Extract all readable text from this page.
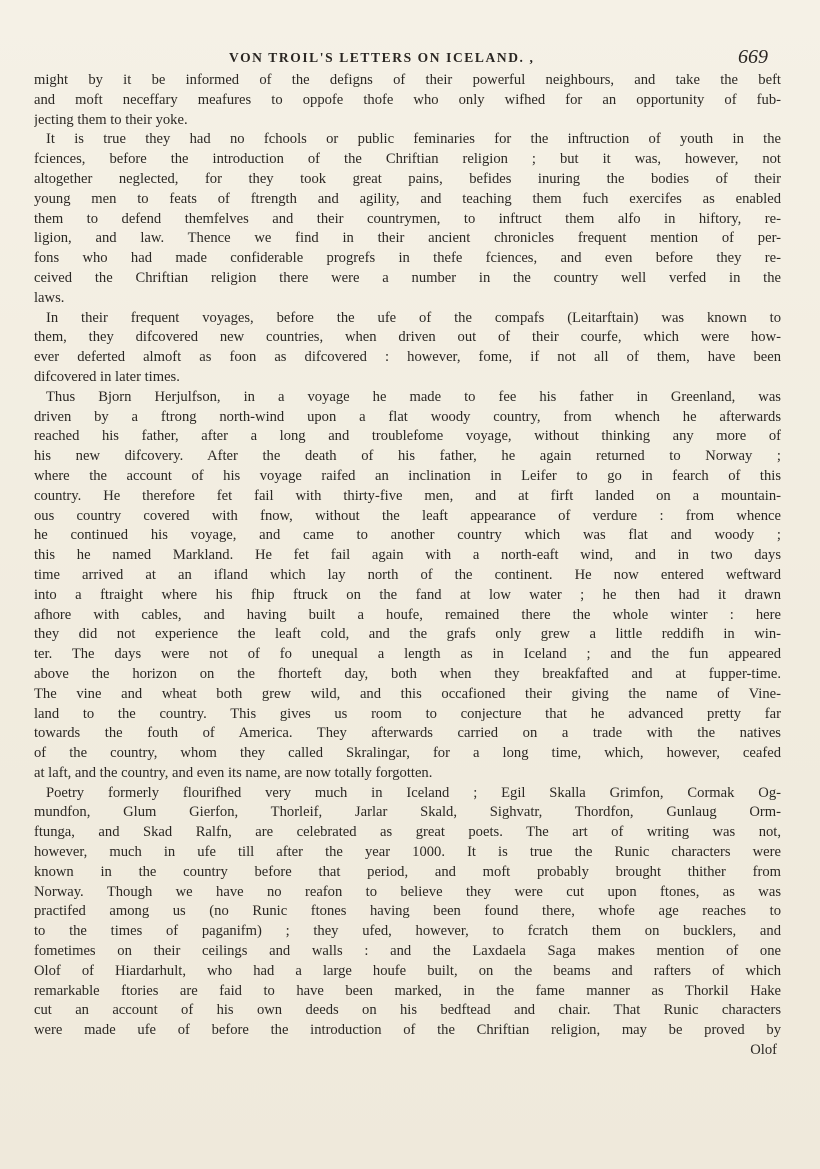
VON TROIL'S LETTERS ON ICELAND. ,	669
might by it be informed of the defigns of their powerful neighbours, and take the beft
and moft neceffary meafures to oppofe thofe who only wifhed for an opportunity of fub-
jecting them to their yoke.
It is true they had no fchools or public feminaries for the inftruction of youth in the
fciences, before the introduction of the Chriftian religion ; but it was, however, not
altogether neglected, for they took great pains, befides inuring the bodies of their
young men to feats of ftrength and agility, and teaching them fuch exercifes as enabled
them to defend themfelves and their countrymen, to inftruct them alfo in hiftory, re-
ligion, and law. Thence we find in their ancient chronicles frequent mention of per-
fons who had made confiderable progrefs in thefe fciences, and even before they re-
ceived the Chriftian religion there were a number in the country well verfed in the
laws.
In their frequent voyages, before the ufe of the compafs (Leitarftain) was known to
them, they difcovered new countries, when driven out of their courfe, which were how-
ever deferted almoft as foon as difcovered : however, fome, if not all of them, have been
difcovered in later times.
Thus Bjorn Herjulfson, in a voyage he made to fee his father in Greenland, was
driven by a ftrong north-wind upon a flat woody country, from whench he afterwards
reached his father, after a long and troublefome voyage, without thinking any more of
his new difcovery. After the death of his father, he again returned to Norway ;
where the account of his voyage raifed an inclination in Leifer to go in fearch of this
country. He therefore fet fail with thirty-five men, and at firft landed on a mountain-
ous country covered with fnow, without the leaft appearance of verdure : from whence
he continued his voyage, and came to another country which was flat and woody ;
this he named Markland. He fet fail again with a north-eaft wind, and in two days
time arrived at an ifland which lay north of the continent. He now entered weftward
into a ftraight where his fhip ftruck on the fand at low water ; he then had it drawn
afhore with cables, and having built a houfe, remained there the whole winter : here
they did not experience the leaft cold, and the grafs only grew a little reddifh in win-
ter. The days were not of fo unequal a length as in Iceland ; and the fun appeared
above the horizon on the fhorteft day, both when they breakfafted and at fupper-time.
The vine and wheat both grew wild, and this occafioned their giving the name of Vine-
land to the country. This gives us room to conjecture that he advanced pretty far
towards the fouth of America. They afterwards carried on a trade with the natives
of the country, whom they called Skralingar, for a long time, which, however, ceafed
at laft, and the country, and even its name, are now totally forgotten.
Poetry formerly flourifhed very much in Iceland ; Egil Skalla Grimfon, Cormak Og-
mundfon, Glum Gierfon, Thorleif, Jarlar Skald, Sighvatr, Thordfon, Gunlaug Orm-
ftunga, and Skad Ralfn, are celebrated as great poets. The art of writing was not,
however, much in ufe till after the year 1000. It is true the Runic characters were
known in the country before that period, and moft probably brought thither from
Norway. Though we have no reafon to believe they were cut upon ftones, as was
practifed among us (no Runic ftones having been found there, whofe age reaches to
to the times of paganifm) ; they ufed, however, to fcratch them on bucklers, and
fometimes on their ceilings and walls : and the Laxdaela Saga makes mention of one
Olof of Hiardarhult, who had a large houfe built, on the beams and rafters of which
remarkable ftories are faid to have been marked, in the fame manner as Thorkil Hake
cut an account of his own deeds on his bedftead and chair. That Runic characters
were made ufe of before the introduction of the Chriftian religion, may be proved by
Olof
